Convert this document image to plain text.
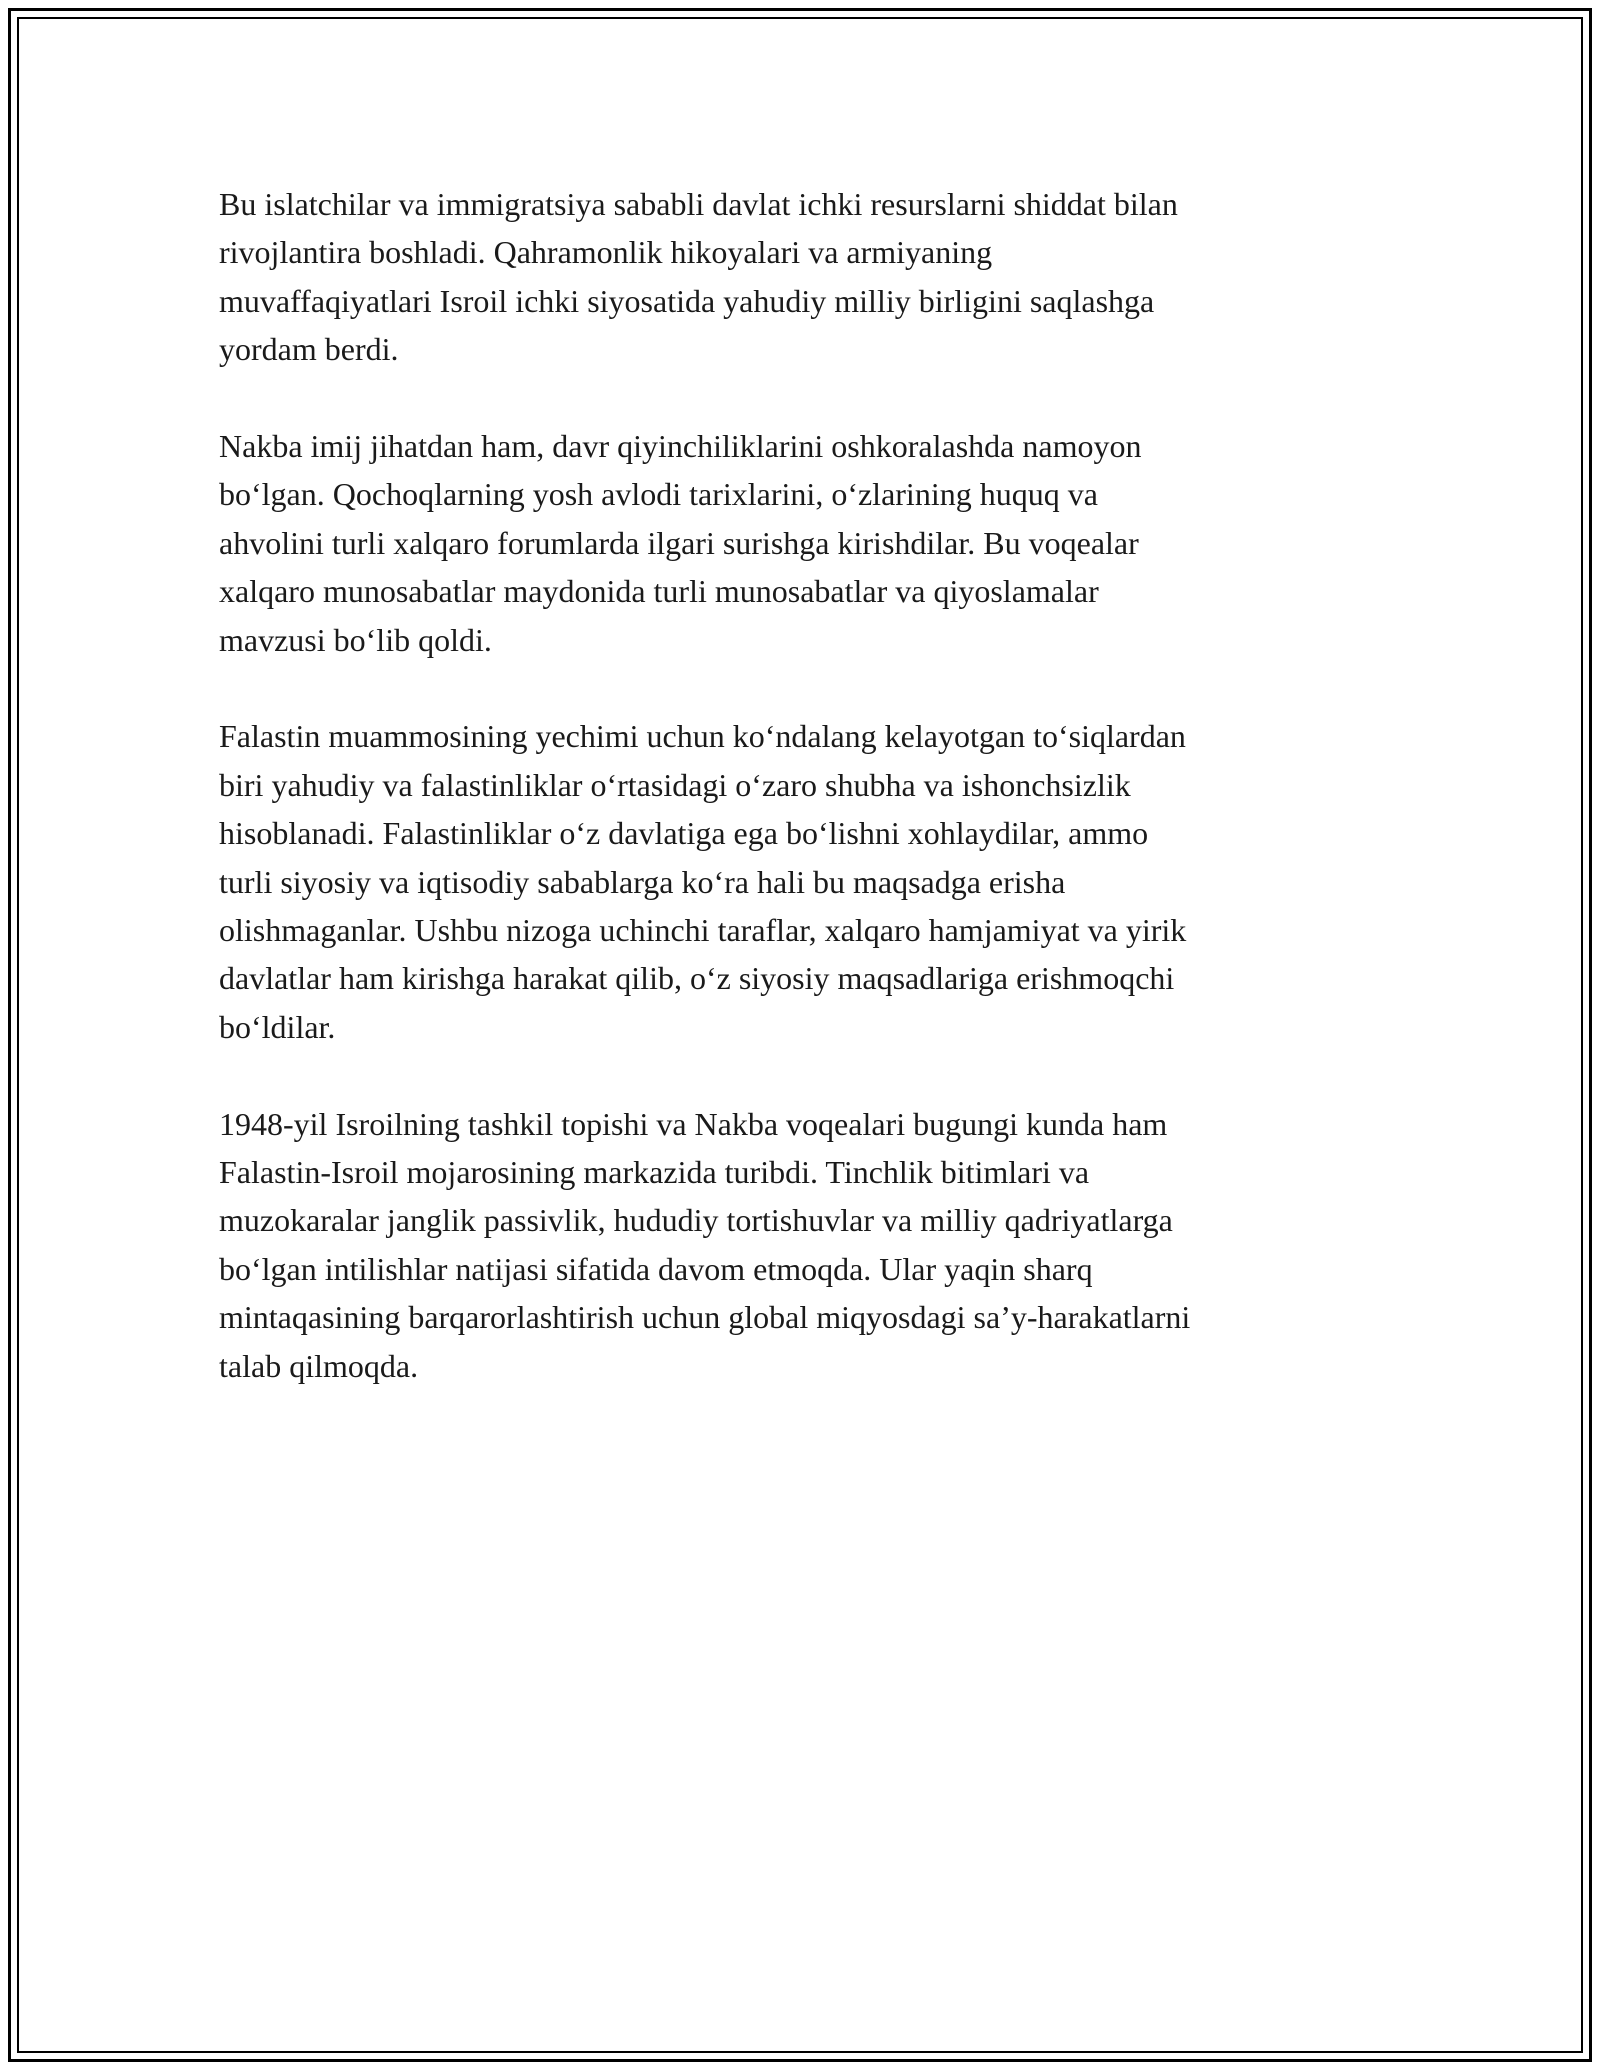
Bu islatchilar va immigratsiya sababli davlat ichki resurslarni shiddat bilan
rivojlantira boshladi. Qahramonlik hikoyalari va armiyaning
muvaffaqiyatlari Isroil ichki siyosatida yahudiy milliy birligini saqlashga
yordam berdi.
Nakba imij jihatdan ham, davr qiyinchiliklarini oshkoralashda namoyon
bo‘lgan. Qochoqlarning yosh avlodi tarixlarini, o‘zlarining huquq va
ahvolini turli xalqaro forumlarda ilgari surishga kirishdilar. Bu voqealar
xalqaro munosabatlar maydonida turli munosabatlar va qiyoslamalar
mavzusi bo‘lib qoldi.
Falastin muammosining yechimi uchun ko‘ndalang kelayotgan to‘siqlardan
biri yahudiy va falastinliklar o‘rtasidagi o‘zaro shubha va ishonchsizlik
hisoblanadi. Falastinliklar o‘z davlatiga ega bo‘lishni xohlaydilar, ammo
turli siyosiy va iqtisodiy sabablarga ko‘ra hali bu maqsadga erisha
olishmaganlar. Ushbu nizoga uchinchi taraflar, xalqaro hamjamiyat va yirik
davlatlar ham kirishga harakat qilib, o‘z siyosiy maqsadlariga erishmoqchi
bo‘ldilar.
1948-yil Isroilning tashkil topishi va Nakba voqealari bugungi kunda ham
Falastin-Isroil mojarosining markazida turibdi. Tinchlik bitimlari va
muzokaralar janglik passivlik, hududiy tortishuvlar va milliy qadriyatlarga
bo‘lgan intilishlar natijasi sifatida davom etmoqda. Ular yaqin sharq
mintaqasining barqarorlashtirish uchun global miqyosdagi sa’y-harakatlarni
talab qilmoqda.
